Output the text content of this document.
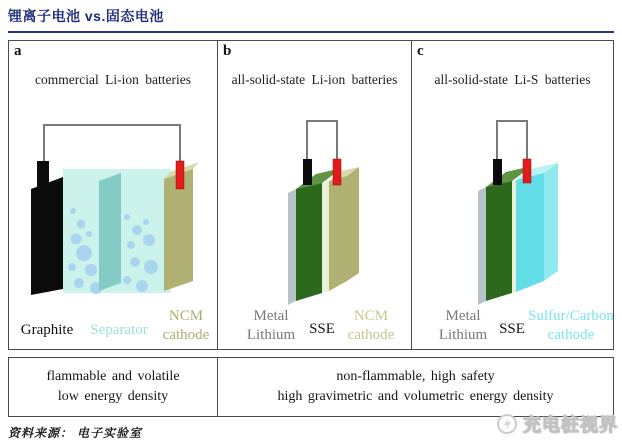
锂离子电池 vs.固态电池
a
commercial Li-ion batteries
Graphite	Separator
NCM cathode
b
all-solid-state Li-ion batteries
Metal Lithium SSE
NCM cathode
c
all-solid-state Li-S batteries
Metal Lithium SSE
Sulfur/Carbon cathode
flammable and volatile
low energy density
non-flammable, high safety
high gravimetric and volumetric energy density
资料来源： 电子实验室	充电桩视界
